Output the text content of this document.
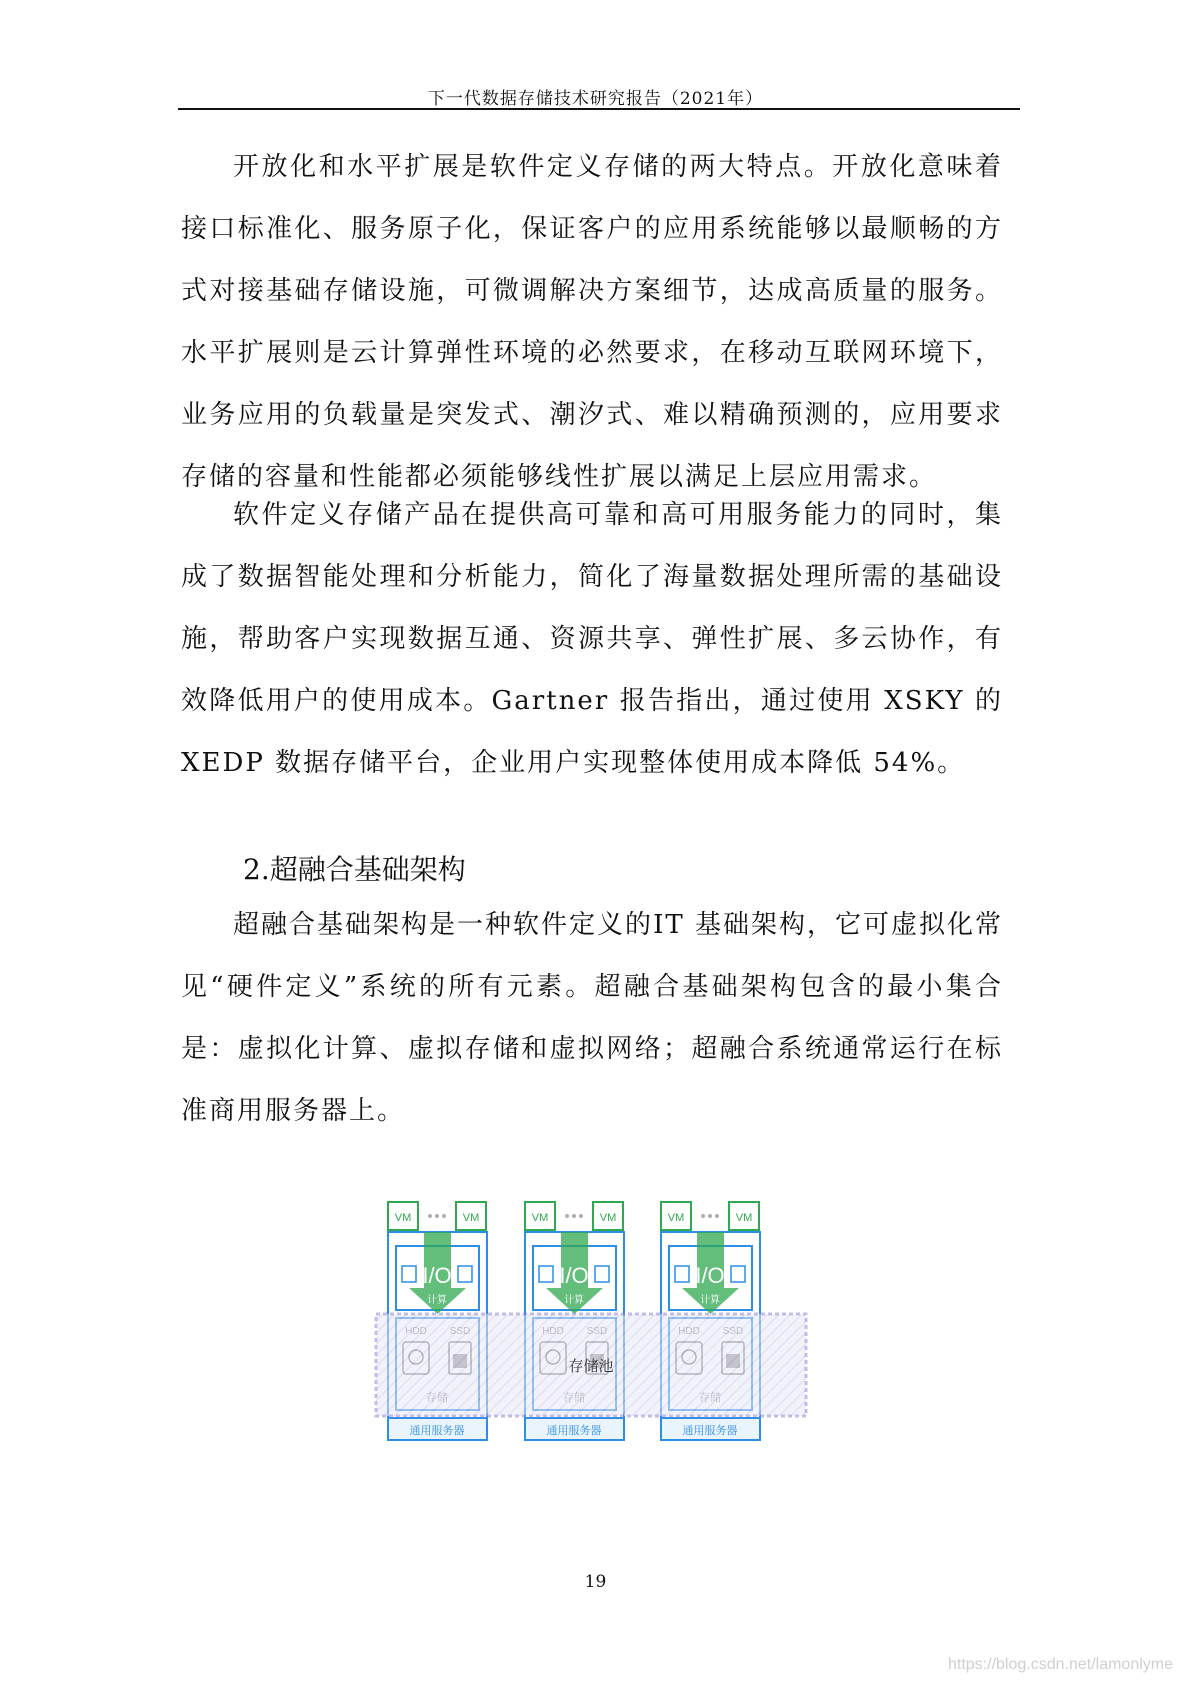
下一代数据存储技术研究报告（2021年）

开放化和水平扩展是软件定义存储的两大特点。开放化意味着接口标准化、服务原子化，保证客户的应用系统能够以最顺畅的方式对接基础存储设施，可微调解决方案细节，达成高质量的服务。水平扩展则是云计算弹性环境的必然要求，在移动互联网环境下，业务应用的负载量是突发式、潮汐式、难以精确预测的，应用要求存储的容量和性能都必须能够线性扩展以满足上层应用需求。

软件定义存储产品在提供高可靠和高可用服务能力的同时，集成了数据智能处理和分析能力，简化了海量数据处理所需的基础设施，帮助客户实现数据互通、资源共享、弹性扩展、多云协作，有效降低用户的使用成本。Gartner 报告指出，通过使用 XSKY 的 XEDP 数据存储平台，企业用户实现整体使用成本降低 54%。

2.超融合基础架构

超融合基础架构是一种软件定义的IT 基础架构，它可虚拟化常见“硬件定义”系统的所有元素。超融合基础架构包含的最小集合是：虚拟化计算、虚拟存储和虚拟网络；超融合系统通常运行在标准商用服务器上。

VM	VM
I/O
计算
通用服务器
VM	VM
I/O
计算
通用服务器
VM	VM
I/O
计算
通用服务器
存储池
19
https://blog.csdn.net/lamonlyme
